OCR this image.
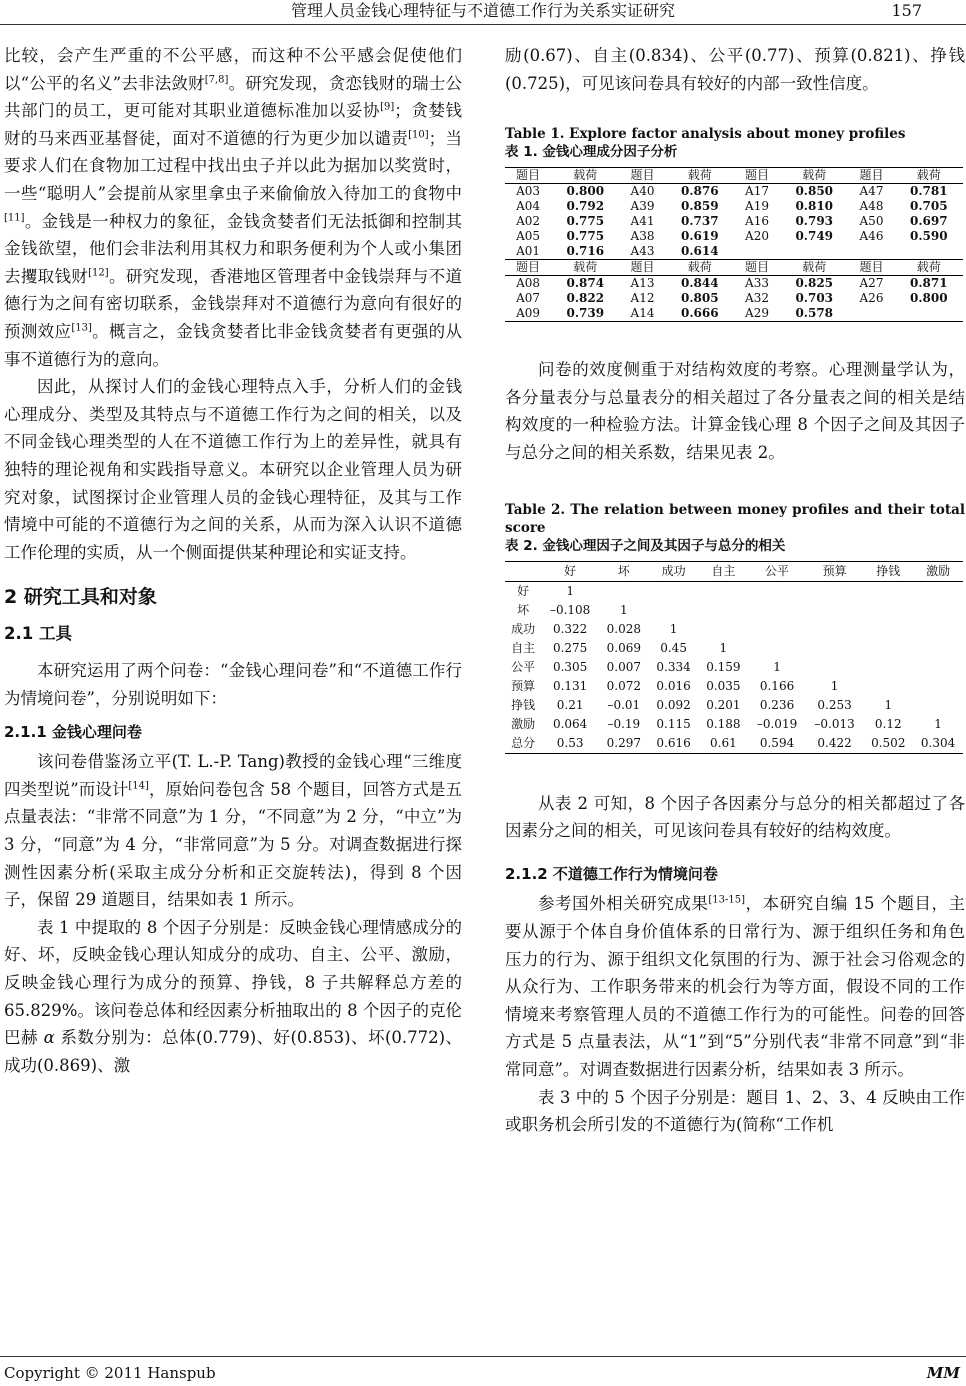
管理人员金钱心理特征与不道德工作行为关系实证研究	157

比较，会产生严重的不公平感，而这种不公平感会促使他们以“公平的名义”去非法敛财[7,8]。研究发现，贪恋钱财的瑞士公共部门的员工，更可能对其职业道德标准加以妥协[9]；贪婪钱财的马来西亚基督徒，面对不道德的行为更少加以谴责[10]；当要求人们在食物加工过程中找出虫子并以此为据加以奖赏时，一些“聪明人”会提前从家里拿虫子来偷偷放入待加工的食物中[11]。金钱是一种权力的象征，金钱贪婪者们无法抵御和控制其金钱欲望，他们会非法利用其权力和职务便利为个人或小集团去攫取钱财[12]。研究发现，香港地区管理者中金钱崇拜与不道德行为之间有密切联系，金钱崇拜对不道德行为意向有很好的预测效应[13]。概言之，金钱贪婪者比非金钱贪婪者有更强的从事不道德行为的意向。

因此，从探讨人们的金钱心理特点入手，分析人们的金钱心理成分、类型及其特点与不道德工作行为之间的相关，以及不同金钱心理类型的人在不道德工作行为上的差异性，就具有独特的理论视角和实践指导意义。本研究以企业管理人员为研究对象，试图探讨企业管理人员的金钱心理特征，及其与工作情境中可能的不道德行为之间的关系，从而为深入认识不道德工作伦理的实质，从一个侧面提供某种理论和实证支持。

2 研究工具和对象
2.1 工具

本研究运用了两个问卷：“金钱心理问卷”和“不道德工作行为情境问卷”，分别说明如下：

2.1.1 金钱心理问卷

该问卷借鉴汤立平(T. L.-P. Tang)教授的金钱心理“三维度四类型说”而设计[14]，原始问卷包含 58 个题目，回答方式是五点量表法：“非常不同意”为 1 分，“不同意”为 2 分，“中立”为 3 分，“同意”为 4 分，“非常同意”为 5 分。对调查数据进行探测性因素分析(采取主成分分析和正交旋转法)，得到 8 个因子，保留 29 道题目，结果如表 1 所示。

表 1 中提取的 8 个因子分别是：反映金钱心理情感成分的好、坏，反映金钱心理认知成分的成功、自主、公平、激励，反映金钱心理行为成分的预算、挣钱，8 子共解释总方差的 65.829%。该问卷总体和经因素分析抽取出的 8 个因子的克伦巴赫 α 系数分别为：总体(0.779)、好(0.853)、坏(0.772)、成功(0.869)、激

励(0.67)、自主(0.834)、公平(0.77)、预算(0.821)、挣钱(0.725)，可见该问卷具有较好的内部一致性信度。

Table 1. Explore factor analysis about money profiles

表 1. 金钱心理成分因子分析

题目	载荷	题目	载荷	题目	载荷	题目	载荷
A03	0.800	A40	0.876	A17	0.850	A47	0.781
A04	0.792	A39	0.859	A19	0.810	A48	0.705
A02	0.775	A41	0.737	A16	0.793	A50	0.697
A05	0.775	A38	0.619	A20	0.749	A46	0.590
A01	0.716	A43	0.614				
题目	载荷	题目	载荷	题目	载荷	题目	载荷
A08	0.874	A13	0.844	A33	0.825	A27	0.871
A07	0.822	A12	0.805	A32	0.703	A26	0.800
A09	0.739	A14	0.666	A29	0.578		

问卷的效度侧重于对结构效度的考察。心理测量学认为，各分量表分与总量表分的相关超过了各分量表之间的相关是结构效度的一种检验方法。计算金钱心理 8 个因子之间及其因子与总分之间的相关系数，结果见表 2。

Table 2. The relation between money profiles and their total score

表 2. 金钱心理因子之间及其因子与总分的相关

	好	坏	成功	自主	公平	预算	挣钱	激励
好	1							
坏	–0.108	1						
成功	0.322	0.028	1					
自主	0.275	0.069	0.45	1				
公平	0.305	0.007	0.334	0.159	1			
预算	0.131	0.072	0.016	0.035	0.166	1		
挣钱	0.21	–0.01	0.092	0.201	0.236	0.253	1	
激励	0.064	–0.19	0.115	0.188	–0.019	–0.013	0.12	1
总分	0.53	0.297	0.616	0.61	0.594	0.422	0.502	0.304

从表 2 可知，8 个因子各因素分与总分的相关都超过了各因素分之间的相关，可见该问卷具有较好的结构效度。

2.1.2 不道德工作行为情境问卷

参考国外相关研究成果[13-15]，本研究自编 15 个题目，主要从源于个体自身价值体系的日常行为、源于组织任务和角色压力的行为、源于组织文化氛围的行为、源于社会习俗观念的从众行为、工作职务带来的机会行为等方面，假设不同的工作情境来考察管理人员的不道德工作行为的可能性。问卷的回答方式是 5 点量表法，从“1”到“5”分别代表“非常不同意”到“非常同意”。对调查数据进行因素分析，结果如表 3 所示。

表 3 中的 5 个因子分别是：题目 1、2、3、4 反映由工作或职务机会所引发的不道德行为(简称“工作机

Copyright © 2011 Hanspub	MM
